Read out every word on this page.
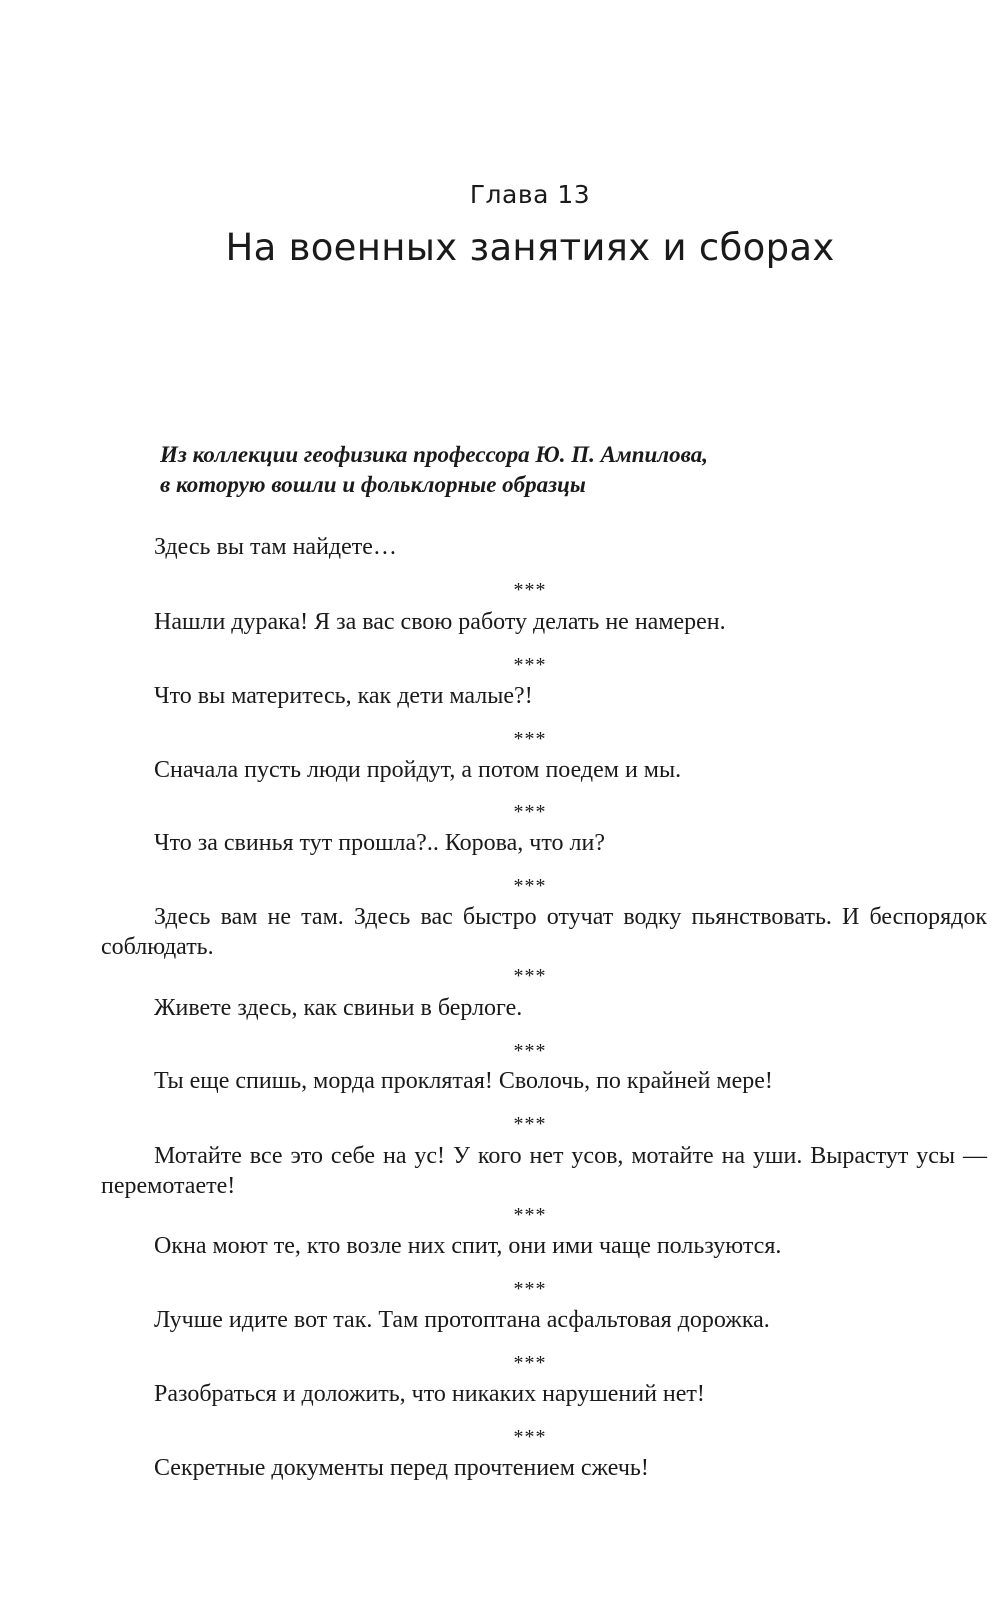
Глава 13
На военных занятиях и сборах
Из коллекции геофизика профессора Ю. П. Ампилова,
в которую вошли и фольклорные образцы

Здесь вы там найдете…

***

Нашли дурака! Я за вас свою работу делать не намерен.

***

Что вы материтесь, как дети малые?!

***

Сначала пусть люди пройдут, а потом поедем и мы.

***

Что за свинья тут прошла?.. Корова, что ли?

***

Здесь вам не там. Здесь вас быстро отучат водку пьянствовать. И беспорядок соблюдать.

***

Живете здесь, как свиньи в берлоге.

***

Ты еще спишь, морда проклятая! Сволочь, по крайней мере!

***

Мотайте все это себе на ус! У кого нет усов, мотайте на уши. Вырастут усы — перемотаете!

***

Окна моют те, кто возле них спит, они ими чаще пользуются.

***

Лучше идите вот так. Там протоптана асфальтовая дорожка.

***

Разобраться и доложить, что никаких нарушений нет!

***

Секретные документы перед прочтением сжечь!
